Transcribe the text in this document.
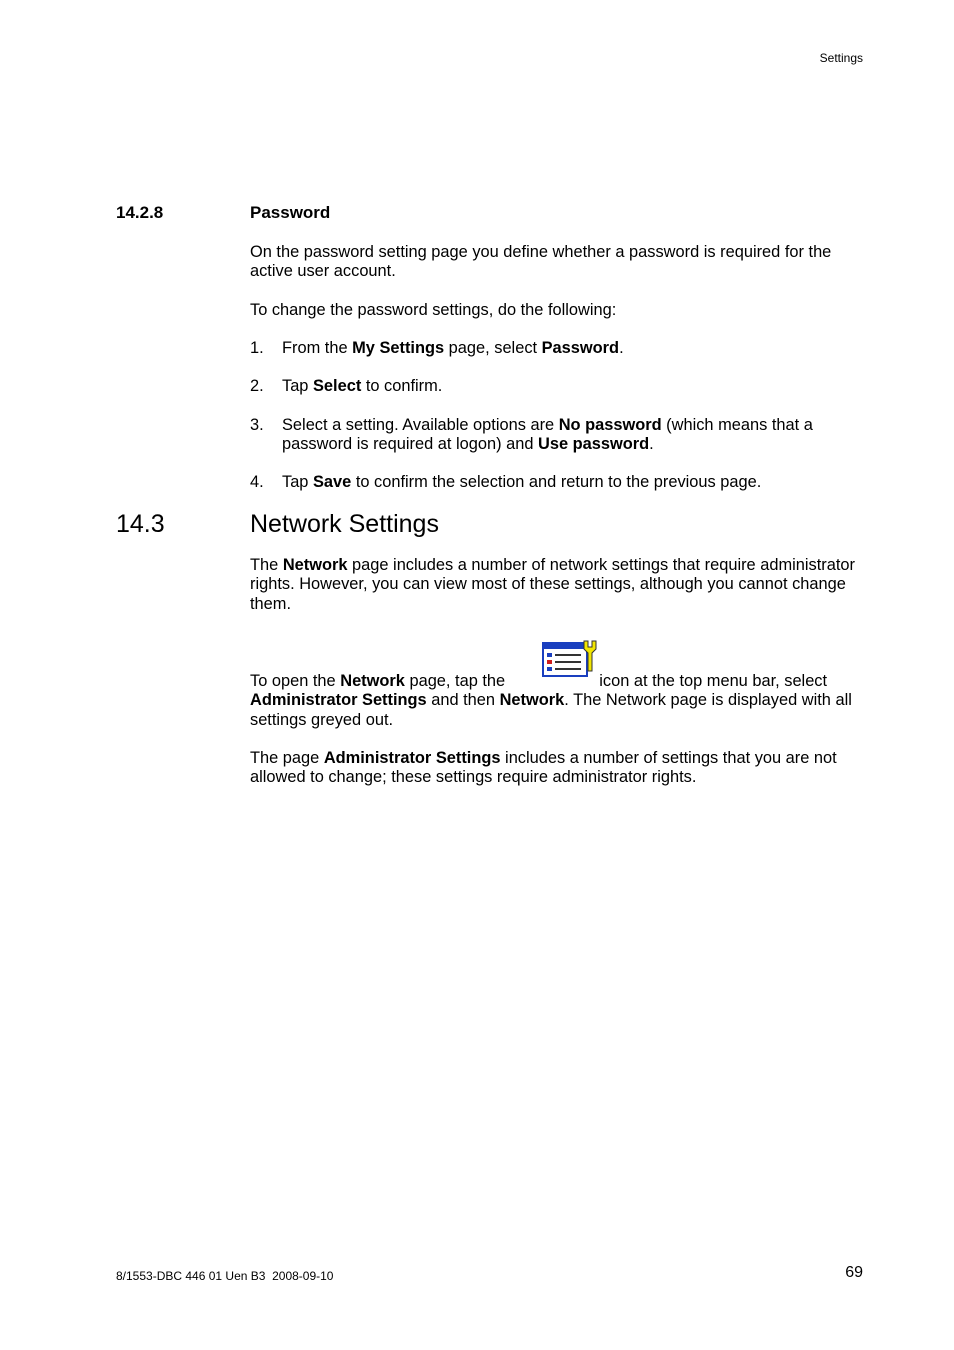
Settings
14.2.8	Password
On the password setting page you define whether a password is required for the active user account.
To change the password settings, do the following:
1. From the My Settings page, select Password.
2. Tap Select to confirm.
3. Select a setting. Available options are No password (which means that a password is required at logon) and Use password.
4. Tap Save to confirm the selection and return to the previous page.
14.3	Network Settings
The Network page includes a number of network settings that require administrator rights. However, you can view most of these settings, although you cannot change them.
To open the Network page, tap the	icon at the top menu bar, select Administrator Settings and then Network. The Network page is displayed with all settings greyed out.
The page Administrator Settings includes a number of settings that you are not allowed to change; these settings require administrator rights.
8/1553-DBC 446 01 Uen B3  2008-09-10	69
